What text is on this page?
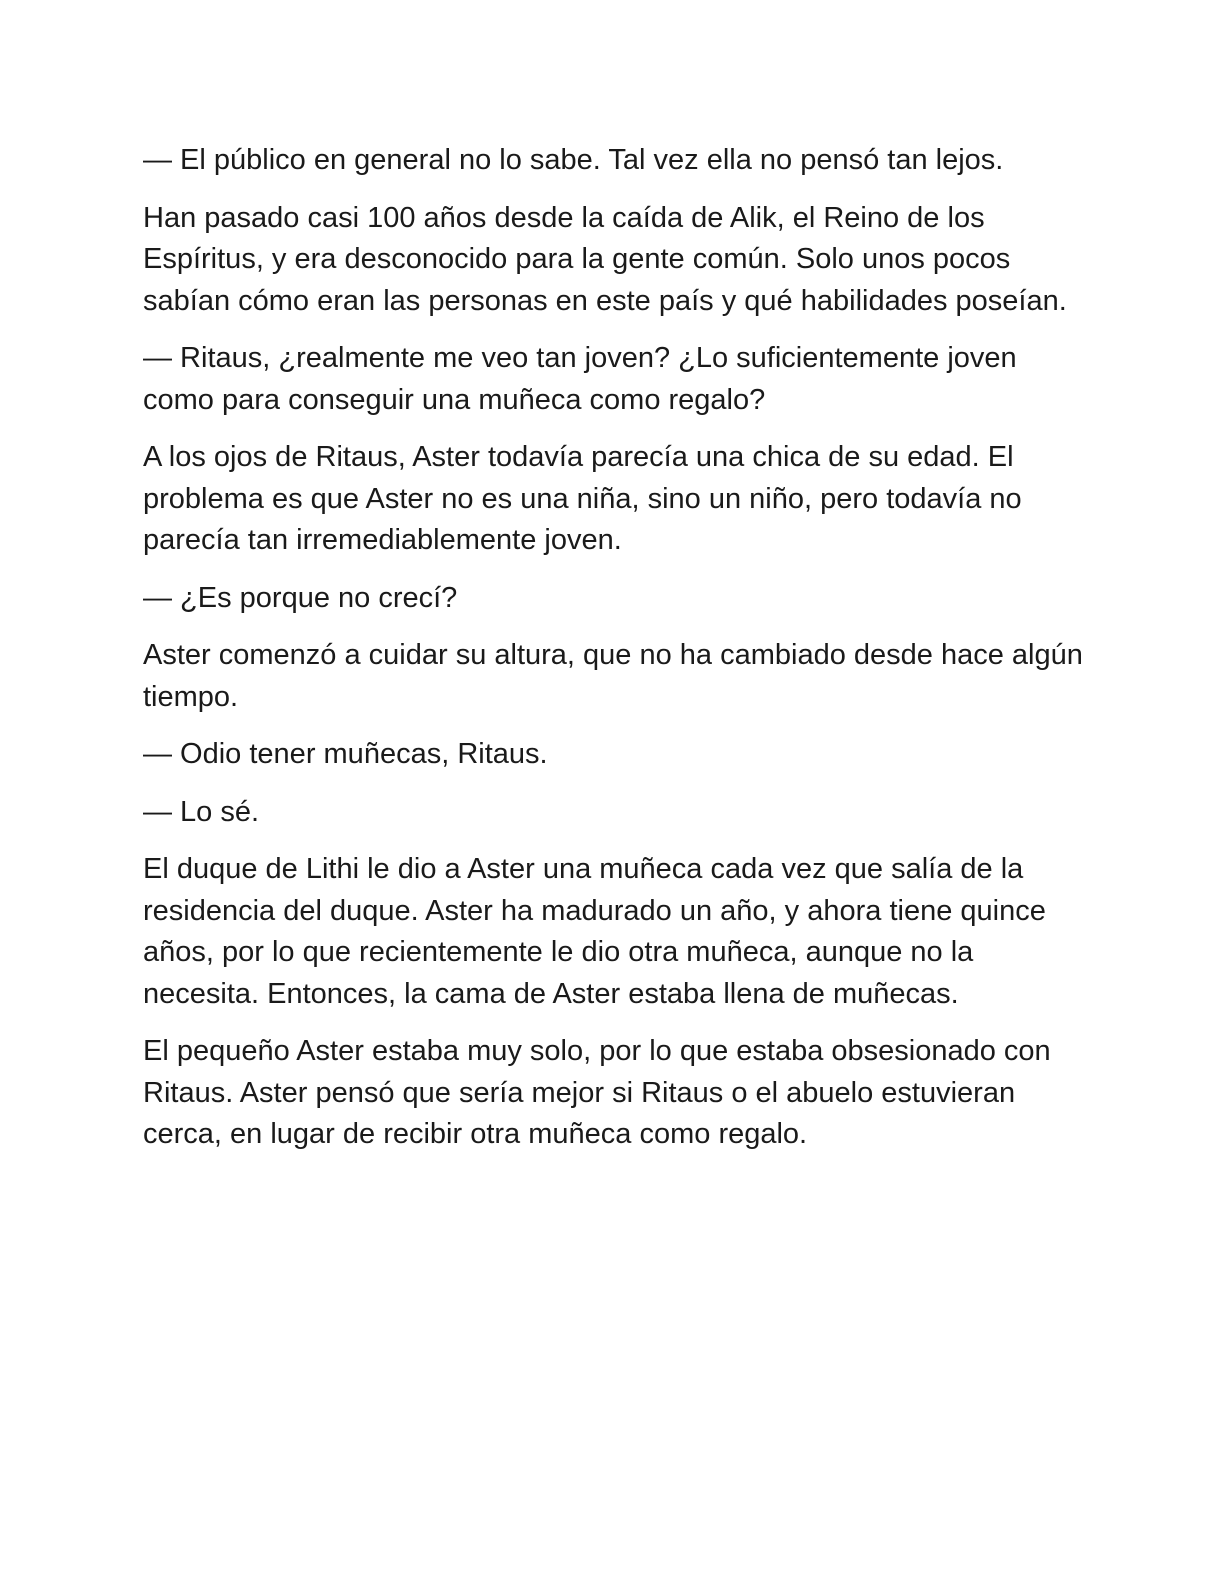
— El público en general no lo sabe. Tal vez ella no pensó tan lejos.

Han pasado casi 100 años desde la caída de Alik, el Reino de los Espíritus, y era desconocido para la gente común. Solo unos pocos sabían cómo eran las personas en este país y qué habilidades poseían.

— Ritaus, ¿realmente me veo tan joven? ¿Lo suficientemente joven como para conseguir una muñeca como regalo?

A los ojos de Ritaus, Aster todavía parecía una chica de su edad. El problema es que Aster no es una niña, sino un niño, pero todavía no parecía tan irremediablemente joven.

— ¿Es porque no crecí?

Aster comenzó a cuidar su altura, que no ha cambiado desde hace algún tiempo.

— Odio tener muñecas, Ritaus.

— Lo sé.

El duque de Lithi le dio a Aster una muñeca cada vez que salía de la residencia del duque. Aster ha madurado un año, y ahora tiene quince años, por lo que recientemente le dio otra muñeca, aunque no la necesita. Entonces, la cama de Aster estaba llena de muñecas.

El pequeño Aster estaba muy solo, por lo que estaba obsesionado con Ritaus. Aster pensó que sería mejor si Ritaus o el abuelo estuvieran cerca, en lugar de recibir otra muñeca como regalo.
